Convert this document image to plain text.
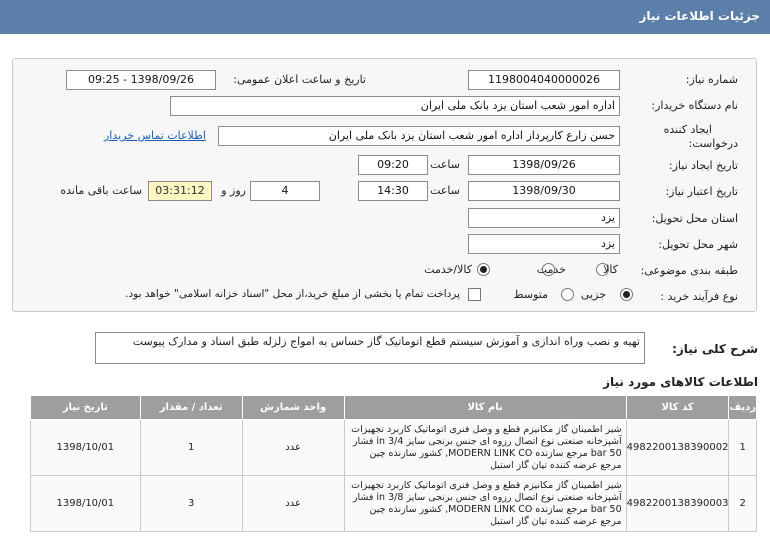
جزئیات اطلاعات نیاز
شماره نیاز:
1198004040000026
تاریخ و ساعت اعلان عمومی:
1398/09/26 - 09:25
نام دستگاه خریدار:
اداره امور شعب استان یزد بانک ملی ایران
ایجاد کننده
درخواست:
حسن زارع کارپرداز اداره امور شعب استان یزد بانک ملی ایران
اطلاعات تماس خریدار
تاریخ ایجاد نیاز:
1398/09/26
ساعت
09:20
تاریخ اعتبار نیاز:
1398/09/30
ساعت
14:30
4
روز و
03:31:12
ساعت باقی مانده
استان محل تحویل:
یزد
شهر محل تحویل:
یزد
طبقه بندی موضوعی:
کالا
خدمت
کالا/خدمت
نوع فرآیند خرید :
جزیی
متوسط
پرداخت تمام یا بخشی از مبلغ خرید،از محل "اسناد خزانه اسلامی" خواهد بود.
شرح کلی نیاز:
تهیه و نصب وراه اندازی و آموزش سیستم قطع اتوماتیک گاز حساس به امواج زلزله طبق اسناد و مدارک پیوست
اطلاعات کالاهای مورد نیاز
ردیف	کد کالا	نام کالا	واحد شمارش	تعداد / مقدار	تاریخ نیاز
1	4982200138390002	شیر اطمینان گاز مکانیزم قطع و وصل فنری اتوماتیک کاربرد تجهیزات آشپزخانه صنعتی نوع اتصال رزوه ای جنس برنجی سایز 3/4 in فشار 50 bar مرجع سازنده MODERN LINK CO, کشور سازنده چین مرجع عرضه کننده تیان گاز استیل	عدد	1	1398/10/01
2	4982200138390003	شیر اطمینان گاز مکانیزم قطع و وصل فنری اتوماتیک کاربرد تجهیزات آشپزخانه صنعتی نوع اتصال رزوه ای جنس برنجی سایز 3/8 in فشار 50 bar مرجع سازنده MODERN LINK CO, کشور سازنده چین مرجع عرضه کننده تیان گاز استیل	عدد	3	1398/10/01
